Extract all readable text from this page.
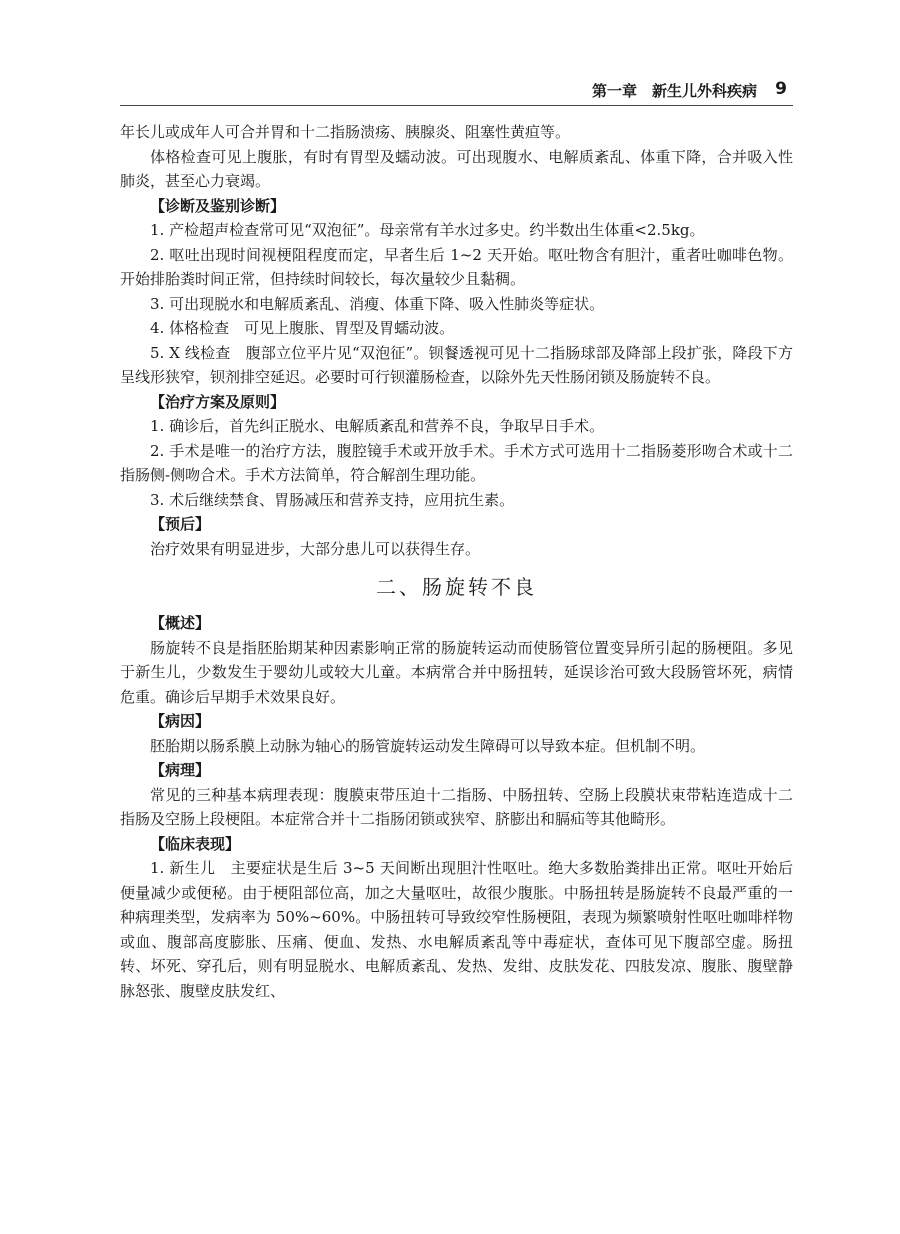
第一章　新生儿外科疾病 9

年长儿或成年人可合并胃和十二指肠溃疡、胰腺炎、阻塞性黄疸等。

体格检查可见上腹胀，有时有胃型及蠕动波。可出现腹水、电解质紊乱、体重下降，合并吸入性肺炎，甚至心力衰竭。

【诊断及鉴别诊断】

1. 产检超声检查常可见“双泡征”。母亲常有羊水过多史。约半数出生体重<2.5kg。

2. 呕吐出现时间视梗阻程度而定，早者生后 1~2 天开始。呕吐物含有胆汁，重者吐咖啡色物。开始排胎粪时间正常，但持续时间较长，每次量较少且黏稠。

3. 可出现脱水和电解质紊乱、消瘦、体重下降、吸入性肺炎等症状。

4. 体格检查　可见上腹胀、胃型及胃蠕动波。

5. X 线检查　腹部立位平片见“双泡征”。钡餐透视可见十二指肠球部及降部上段扩张，降段下方呈线形狭窄，钡剂排空延迟。必要时可行钡灌肠检查，以除外先天性肠闭锁及肠旋转不良。

【治疗方案及原则】

1. 确诊后，首先纠正脱水、电解质紊乱和营养不良，争取早日手术。

2. 手术是唯一的治疗方法，腹腔镜手术或开放手术。手术方式可选用十二指肠菱形吻合术或十二指肠侧-侧吻合术。手术方法简单，符合解剖生理功能。

3. 术后继续禁食、胃肠减压和营养支持，应用抗生素。

【预后】

治疗效果有明显进步，大部分患儿可以获得生存。

二、肠旋转不良

【概述】

肠旋转不良是指胚胎期某种因素影响正常的肠旋转运动而使肠管位置变异所引起的肠梗阻。多见于新生儿，少数发生于婴幼儿或较大儿童。本病常合并中肠扭转，延误诊治可致大段肠管坏死，病情危重。确诊后早期手术效果良好。

【病因】

胚胎期以肠系膜上动脉为轴心的肠管旋转运动发生障碍可以导致本症。但机制不明。

【病理】

常见的三种基本病理表现：腹膜束带压迫十二指肠、中肠扭转、空肠上段膜状束带粘连造成十二指肠及空肠上段梗阻。本症常合并十二指肠闭锁或狭窄、脐膨出和膈疝等其他畸形。

【临床表现】

1. 新生儿　主要症状是生后 3~5 天间断出现胆汁性呕吐。绝大多数胎粪排出正常。呕吐开始后便量减少或便秘。由于梗阻部位高，加之大量呕吐，故很少腹胀。中肠扭转是肠旋转不良最严重的一种病理类型，发病率为 50%~60%。中肠扭转可导致绞窄性肠梗阻，表现为频繁喷射性呕吐咖啡样物或血、腹部高度膨胀、压痛、便血、发热、水电解质紊乱等中毒症状，查体可见下腹部空虚。肠扭转、坏死、穿孔后，则有明显脱水、电解质紊乱、发热、发绀、皮肤发花、四肢发凉、腹胀、腹壁静脉怒张、腹壁皮肤发红、
